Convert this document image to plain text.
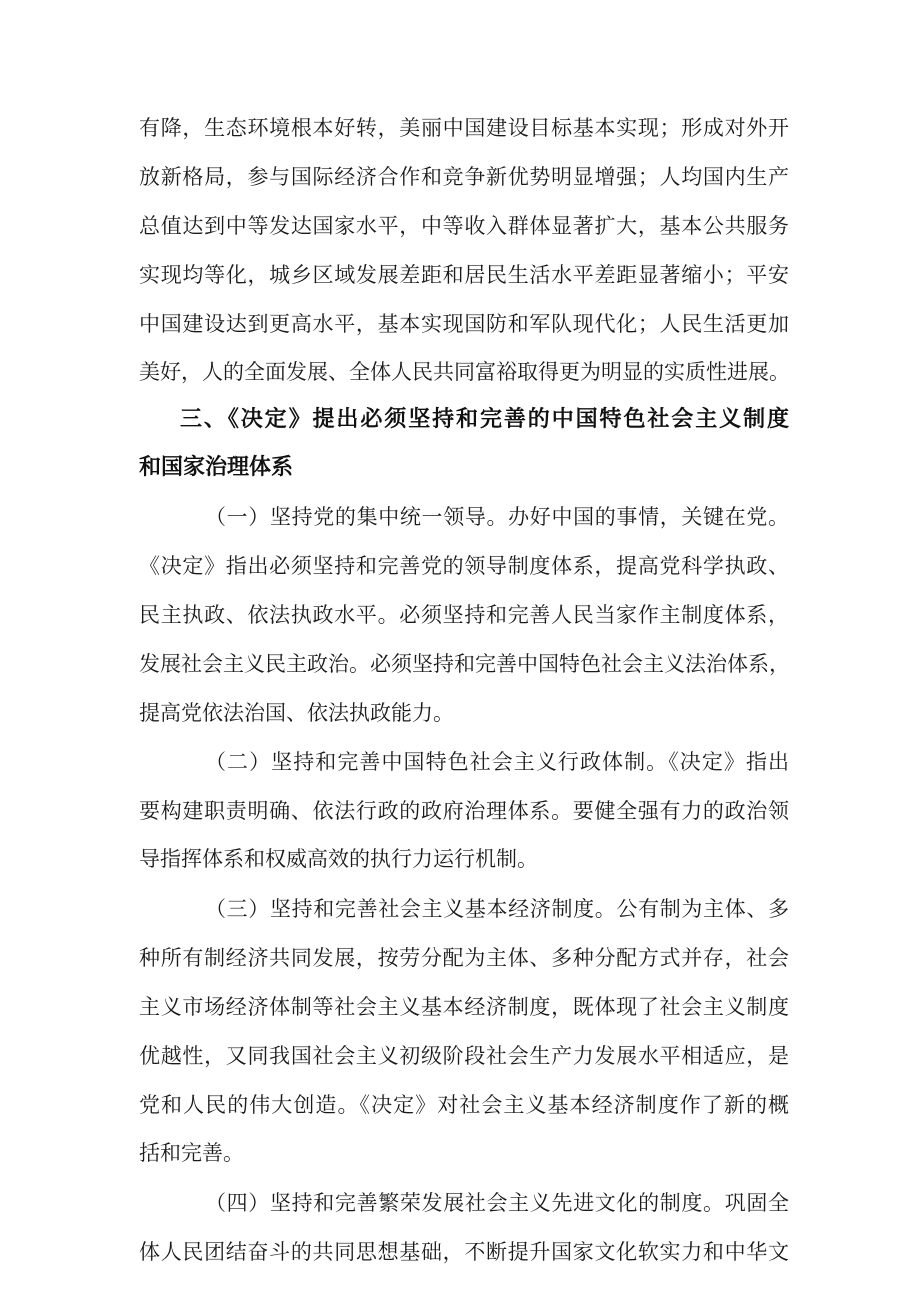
有降，生态环境根本好转，美丽中国建设目标基本实现；形成对外开
放新格局，参与国际经济合作和竞争新优势明显增强；人均国内生产
总值达到中等发达国家水平，中等收入群体显著扩大，基本公共服务
实现均等化，城乡区域发展差距和居民生活水平差距显著缩小；平安
中国建设达到更高水平，基本实现国防和军队现代化；人民生活更加
美好，人的全面发展、全体人民共同富裕取得更为明显的实质性进展。
三、《决定》提出必须坚持和完善的中国特色社会主义制度
和国家治理体系
（一）坚持党的集中统一领导。办好中国的事情，关键在党。
《决定》指出必须坚持和完善党的领导制度体系，提高党科学执政、
民主执政、依法执政水平。必须坚持和完善人民当家作主制度体系，
发展社会主义民主政治。必须坚持和完善中国特色社会主义法治体系，
提高党依法治国、依法执政能力。
（二）坚持和完善中国特色社会主义行政体制。《决定》指出
要构建职责明确、依法行政的政府治理体系。要健全强有力的政治领
导指挥体系和权威高效的执行力运行机制。
（三）坚持和完善社会主义基本经济制度。公有制为主体、多
种所有制经济共同发展，按劳分配为主体、多种分配方式并存，社会
主义市场经济体制等社会主义基本经济制度，既体现了社会主义制度
优越性，又同我国社会主义初级阶段社会生产力发展水平相适应，是
党和人民的伟大创造。《决定》对社会主义基本经济制度作了新的概
括和完善。
（四）坚持和完善繁荣发展社会主义先进文化的制度。巩固全
体人民团结奋斗的共同思想基础，不断提升国家文化软实力和中华文
